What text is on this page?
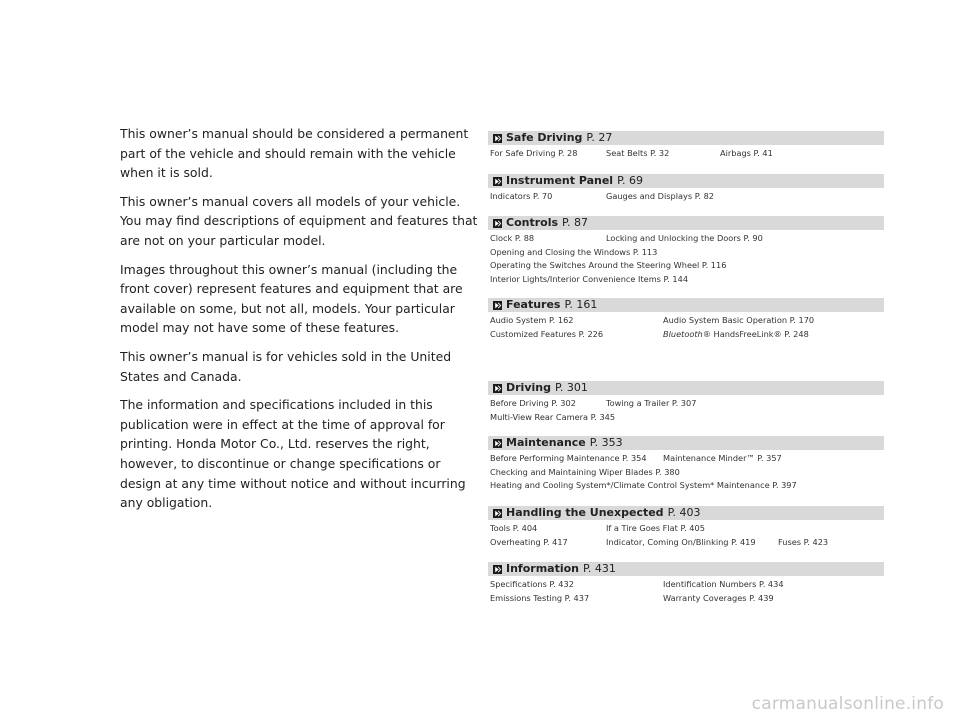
This owner’s manual should be considered a permanent part of the vehicle and should remain with the vehicle when it is sold.

This owner’s manual covers all models of your vehicle. You may find descriptions of equipment and features that are not on your particular model.

Images throughout this owner’s manual (including the front cover) represent features and equipment that are available on some, but not all, models. Your particular model may not have some of these features.

This owner’s manual is for vehicles sold in the United States and Canada.

The information and specifications included in this publication were in effect at the time of approval for printing. Honda Motor Co., Ltd. reserves the right, however, to discontinue or change specifications or design at any time without notice and without incurring any obligation.

Safe Driving P. 27
For Safe Driving P. 28	Seat Belts P. 32	Airbags P. 41
Instrument Panel P. 69
Indicators P. 70	Gauges and Displays P. 82
Controls P. 87
Clock P. 88	Locking and Unlocking the Doors P. 90
Opening and Closing the Windows P. 113
Operating the Switches Around the Steering Wheel P. 116
Interior Lights/Interior Convenience Items P. 144
Features P. 161
Audio System P. 162	Audio System Basic Operation P. 170
Customized Features P. 226	Bluetooth® HandsFreeLink® P. 248
Driving P. 301
Before Driving P. 302	Towing a Trailer P. 307
Multi-View Rear Camera P. 345
Maintenance P. 353
Before Performing Maintenance P. 354 Maintenance Minder™ P. 357
Checking and Maintaining Wiper Blades P. 380
Heating and Cooling System*/Climate Control System* Maintenance P. 397
Handling the Unexpected P. 403
Tools P. 404	If a Tire Goes Flat P. 405
Overheating P. 417	Indicator, Coming On/Blinking P. 419	Fuses P. 423
Information P. 431
Specifications P. 432	Identification Numbers P. 434
Emissions Testing P. 437	Warranty Coverages P. 439
carmanualsonline.info
